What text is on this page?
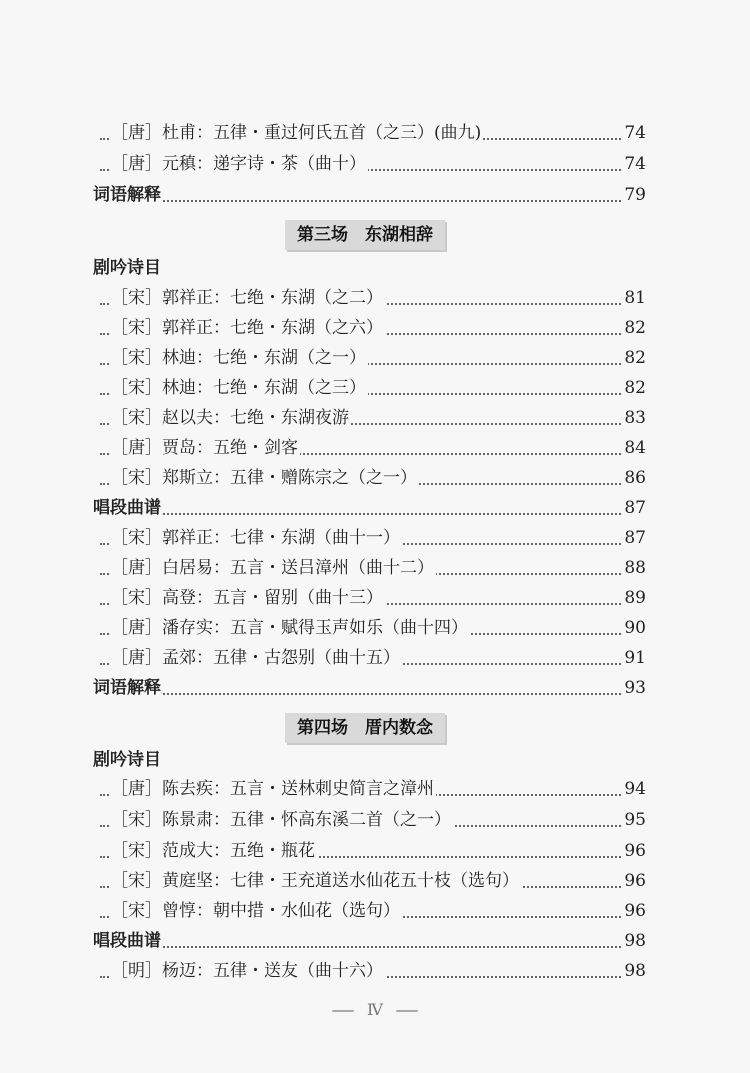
［唐］杜甫：五律・重过何氏五首（之三）(曲九)	74
［唐］元稹：递字诗・茶（曲十）	74
词语解释	79
第三场　东湖相辞
剧吟诗目
［宋］郭祥正：七绝・东湖（之二）	81
［宋］郭祥正：七绝・东湖（之六）	82
［宋］林迪：七绝・东湖（之一）	82
［宋］林迪：七绝・东湖（之三）	82
［宋］赵以夫：七绝・东湖夜游	83
［唐］贾岛：五绝・剑客	84
［宋］郑斯立：五律・赠陈宗之（之一）	86
唱段曲谱	87
［宋］郭祥正：七律・东湖（曲十一）	87
［唐］白居易：五言・送吕漳州（曲十二）	88
［宋］高登：五言・留别（曲十三）	89
［唐］潘存实：五言・赋得玉声如乐（曲十四）	90
［唐］孟郊：五律・古怨别（曲十五）	91
词语解释	93
第四场　厝内数念
剧吟诗目
［唐］陈去疾：五言・送林刺史简言之漳州	94
［宋］陈景肃：五律・怀高东溪二首（之一）	95
［宋］范成大：五绝・瓶花	96
［宋］黄庭坚：七律・王充道送水仙花五十枝（选句）	96
［宋］曾惇：朝中措・水仙花（选句）	96
唱段曲谱	98
［明］杨迈：五律・送友（曲十六）	98
Ⅳ
